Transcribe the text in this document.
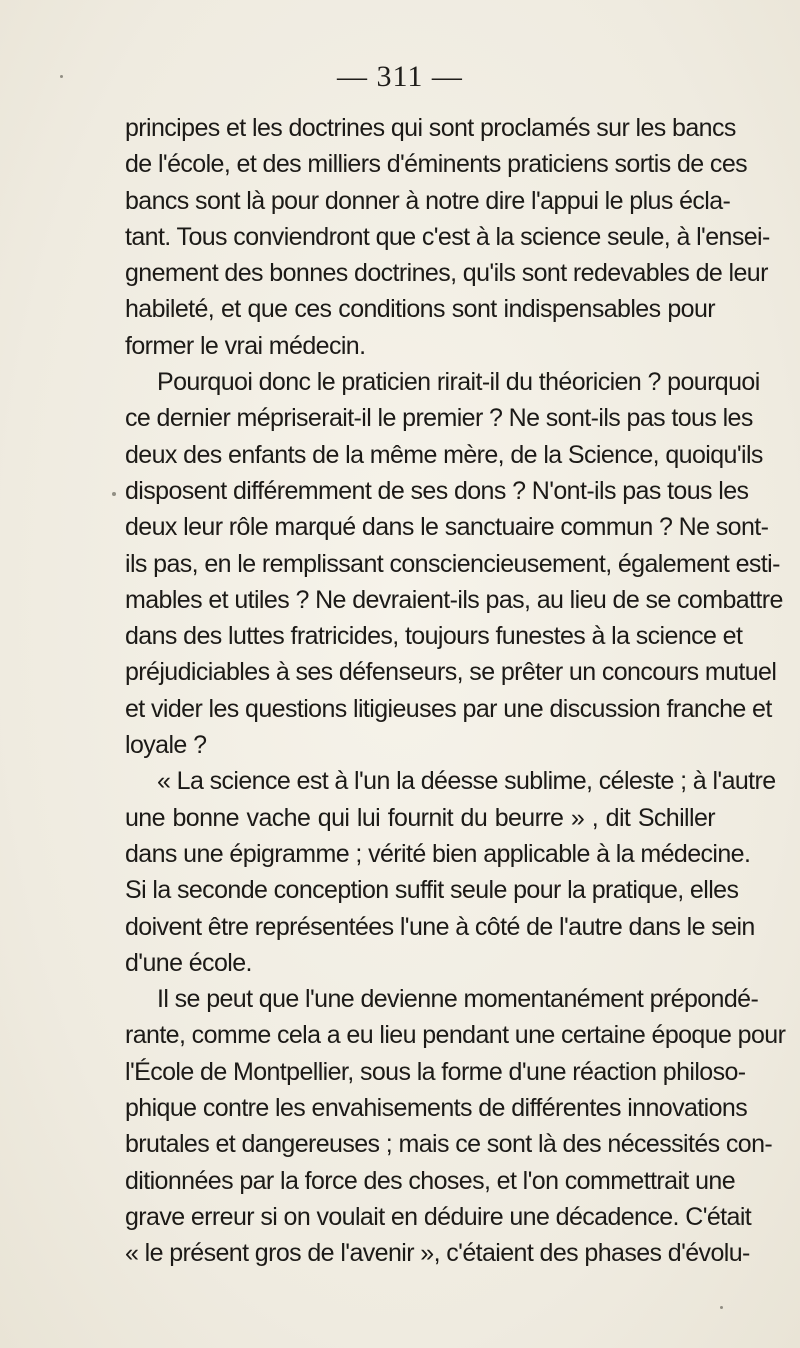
— 311 —
principes et les doctrines qui sont proclamés sur les bancs
de l'école, et des milliers d'éminents praticiens sortis de ces
bancs sont là pour donner à notre dire l'appui le plus écla-
tant. Tous conviendront que c'est à la science seule, à l'ensei-
gnement des bonnes doctrines, qu'ils sont redevables de leur
habileté, et que ces conditions sont indispensables pour
former le vrai médecin.
Pourquoi donc le praticien rirait-il du théoricien ? pourquoi
ce dernier mépriserait-il le premier ? Ne sont-ils pas tous les
deux des enfants de la même mère, de la Science, quoiqu'ils
disposent différemment de ses dons ? N'ont-ils pas tous les
deux leur rôle marqué dans le sanctuaire commun ? Ne sont-
ils pas, en le remplissant consciencieusement, également esti-
mables et utiles ? Ne devraient-ils pas, au lieu de se combattre
dans des luttes fratricides, toujours funestes à la science et
préjudiciables à ses défenseurs, se prêter un concours mutuel
et vider les questions litigieuses par une discussion franche et
loyale ?
« La science est à l'un la déesse sublime, céleste ; à l'autre
une bonne vache qui lui fournit du beurre » , dit Schiller
dans une épigramme ; vérité bien applicable à la médecine.
Si la seconde conception suffit seule pour la pratique, elles
doivent être représentées l'une à côté de l'autre dans le sein
d'une école.
Il se peut que l'une devienne momentanément prépondé-
rante, comme cela a eu lieu pendant une certaine époque pour
l'École de Montpellier, sous la forme d'une réaction philoso-
phique contre les envahisements de différentes innovations
brutales et dangereuses ; mais ce sont là des nécessités con-
ditionnées par la force des choses, et l'on commettrait une
grave erreur si on voulait en déduire une décadence. C'était
« le présent gros de l'avenir », c'étaient des phases d'évolu-
